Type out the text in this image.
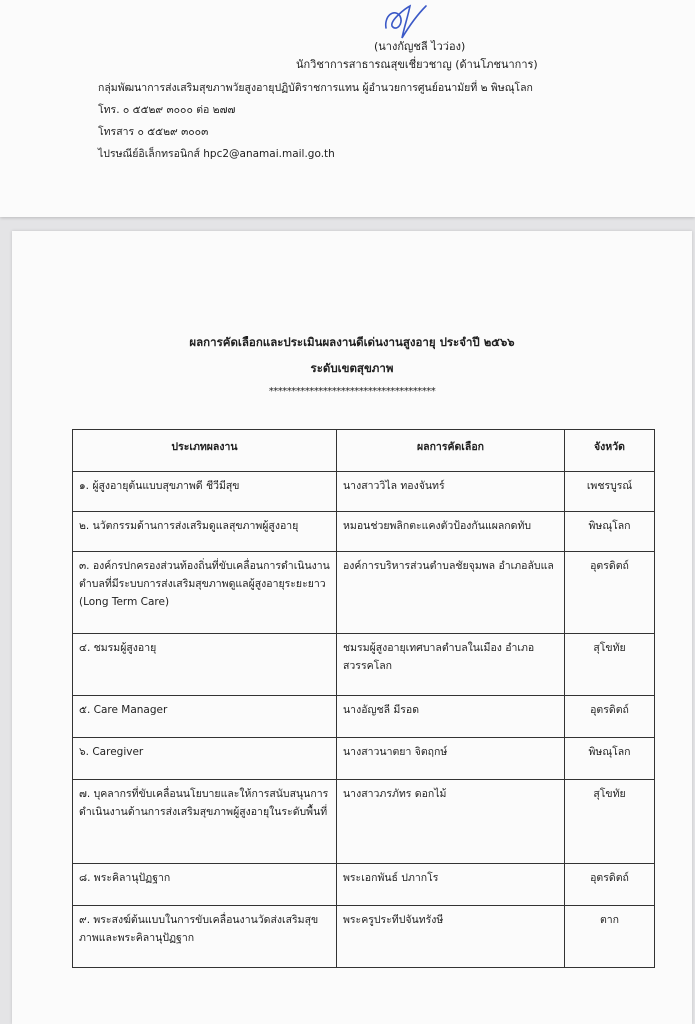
(นางกัญชลี ไวว่อง)
นักวิชาการสาธารณสุขเชี่ยวชาญ (ด้านโภชนาการ)
กลุ่มพัฒนาการส่งเสริมสุขภาพวัยสูงอายุปฏิบัติราชการแทน ผู้อำนวยการศูนย์อนามัยที่ ๒ พิษณุโลก
โทร. ๐ ๕๕๒๙ ๓๐๐๐ ต่อ ๒๗๗
โทรสาร ๐ ๕๕๒๙ ๓๐๐๓
ไปรษณีย์อิเล็กทรอนิกส์ hpc2@anamai.mail.go.th
ผลการคัดเลือกและประเมินผลงานดีเด่นงานสูงอายุ ประจำปี ๒๕๖๖
ระดับเขตสุขภาพ
*************************************
ประเภทผลงาน	ผลการคัดเลือก	จังหวัด
๑. ผู้สูงอายุต้นแบบสุขภาพดี ชีวีมีสุข	นางสาววิไล ทองจันทร์	เพชรบูรณ์
๒. นวัตกรรมด้านการส่งเสริมดูแลสุขภาพผู้สูงอายุ	หมอนช่วยพลิกตะแคงตัวป้องกันแผลกดทับ	พิษณุโลก
๓. องค์กรปกครองส่วนท้องถิ่นที่ขับเคลื่อนการดำเนินงานตำบลที่มีระบบการส่งเสริมสุขภาพดูแลผู้สูงอายุระยะยาว (Long Term Care)	องค์การบริหารส่วนตำบลชัยจุมพล อำเภอลับแล	อุตรดิตถ์
๔. ชมรมผู้สูงอายุ	ชมรมผู้สูงอายุเทศบาลตำบลในเมือง อำเภอสวรรคโลก	สุโขทัย
๕. Care Manager	นางอัญชลี มีรอด	อุตรดิตถ์
๖. Caregiver	นางสาวนาตยา จิตฤกษ์	พิษณุโลก
๗. บุคลากรที่ขับเคลื่อนนโยบายและให้การสนับสนุนการดำเนินงานด้านการส่งเสริมสุขภาพผู้สูงอายุในระดับพื้นที่	นางสาวภรภัทร ดอกไม้	สุโขทัย
๘. พระคิลานุปัฏฐาก	พระเอกพันธ์ ปภากโร	อุตรดิตถ์
๙. พระสงฆ์ต้นแบบในการขับเคลื่อนงานวัดส่งเสริมสุขภาพและพระคิลานุปัฏฐาก	พระครูประทีปจันทรังษี	ตาก
